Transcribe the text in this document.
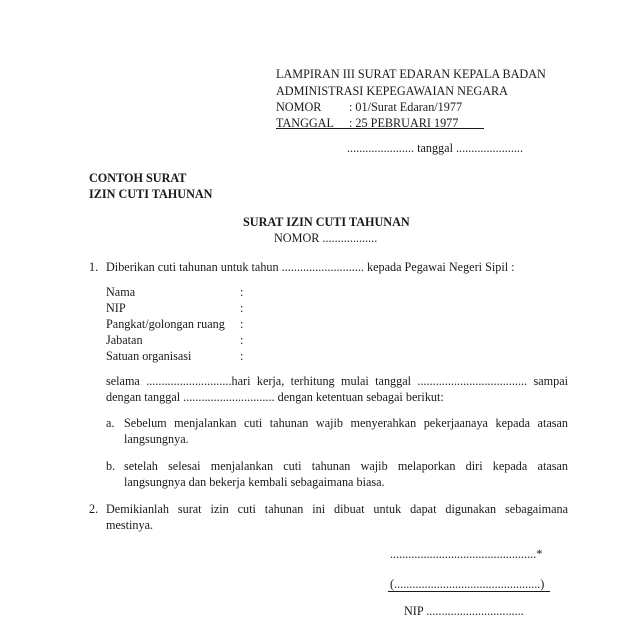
LAMPIRAN III SURAT EDARAN KEPALA BADAN
ADMINISTRASI KEPEGAWAIAN NEGARA
NOMOR : 01/Surat Edaran/1977
TANGGAL : 25 PEBRUARI 1977
...................... tanggal ......................
CONTOH SURAT
IZIN CUTI TAHUNAN
SURAT IZIN CUTI TAHUNAN
NOMOR ..................
1. Diberikan cuti tahunan untuk tahun ........................... kepada Pegawai Negeri Sipil :
Nama	:
NIP	:
Pangkat/golongan ruang :
Jabatan	:
Satuan organisasi	:
selama ............................hari kerja, terhitung mulai tanggal .................................... sampai
dengan tanggal .............................. dengan ketentuan sebagai berikut:
a. Sebelum menjalankan cuti tahunan wajib menyerahkan pekerjaanaya kepada atasan
langsungnya.
b. setelah selesai menjalankan cuti tahunan wajib melaporkan diri kepada atasan
langsungnya dan bekerja kembali sebagaimana biasa.
2. Demikianlah surat izin cuti tahunan ini dibuat untuk dapat digunakan sebagaimana
mestinya.
................................................*
(................................................)
NIP ................................
